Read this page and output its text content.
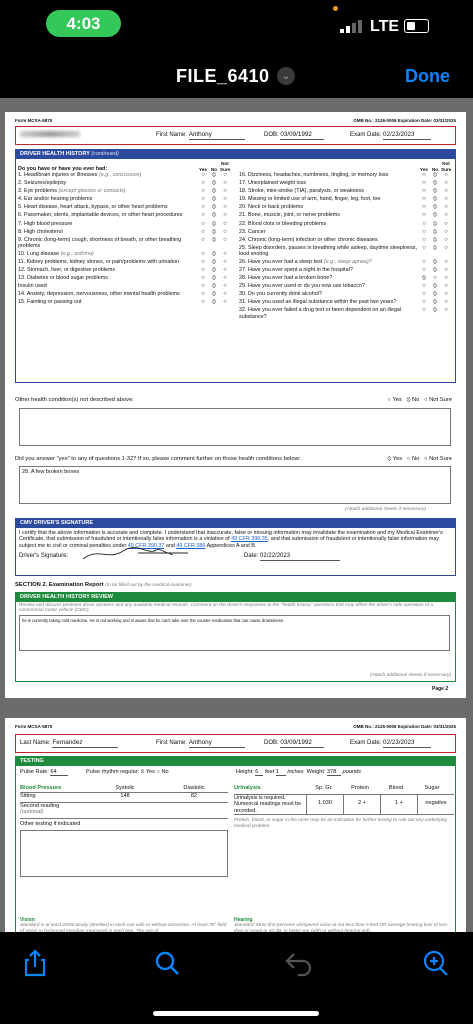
4:03	LTE
FILE_6410	⌄	Done
Form MCSA-5875	OMB No.: 2126-0006 Expiration Date: 03/31/2025
First Name: Anthony	DOB: 03/09/1992	Exam Date: 02/23/2023
DRIVER HEALTH HISTORY (continued)
Do you have or have you ever had:	Yes No
Not Sure
1. Head/brain injuries or illnesses (e.g., concussion)	○	⦸	○
2. Seizures/epilepsy	○	⦸	○
3. Eye problems (except glasses or contacts)	○	⦸	○
4. Ear and/or hearing problems	○	⦸	○
5. Heart disease, heart attack, bypass, or other heart problems	○	⦸	○
6. Pacemaker, stents, implantable devices, or other heart procedures	○	⦸	○
7. High blood pressure	○	⦸	○
8. High cholesterol	○	⦸	○
9. Chronic (long-term) cough, shortness of breath, or other breathing problems
○	⦸	○
10. Lung disease (e.g., asthma)	○	⦸	○
11. Kidney problems, kidney stones, or pain/problems with urination	○	⦸	○
12. Stomach, liver, or digestive problems	○	⦸	○
13. Diabetes or blood sugar problems	○	⦸	○
Insulin used	○	⦸	○
14. Anxiety, depression, nervousness, other mental health problems	○	⦸	○
15. Fainting or passing out	○	⦸	○
Yes No
Not Sure
16. Dizziness, headaches, numbness, tingling, or memory loss	○	⦸	○
17. Unexplained weight loss	○	⦸	○
18. Stroke, mini-stroke (TIA), paralysis, or weakness	○	⦸	○
19. Missing or limited use of arm, hand, finger, leg, foot, toe	○	⦸	○
20. Neck or back problems	○	⦸	○
21. Bone, muscle, joint, or nerve problems	○	⦸	○
22. Blood clots or bleeding problems	○	⦸	○
23. Cancer	○	⦸	○
24. Chronic (long-term) infection or other chronic diseases	○	⦸	○
25. Sleep disorders, pauses in breathing while asleep, daytime sleepiness, loud snoring
○	⦸	○
26. Have you ever had a sleep test (e.g., sleep apnea)?	○	⦸	○
27. Have you ever spent a night in the hospital?	○	⦸	○
28. Have you ever had a broken bone?	⦸	○	○
29. Have you ever used or do you now use tobacco?	○	⦸	○
30. Do you currently drink alcohol?	○	⦸	○
31. Have you used an illegal substance within the past two years?	○	⦸	○
32. Have you ever failed a drug test or been dependent on an illegal substance?
○	⦸	○
Other health condition(s) not described above:	○ Yes ⦸ No ○ Not Sure
Did you answer "yes" to any of questions 1-32? If so, please comment further on those health conditions below:	⦸ Yes ○ No ○ Not Sure
28. A few broken bones
(Attach additional sheets if necessary)
CMV DRIVER'S SIGNATURE
I certify that the above information is accurate and complete. I understand that inaccurate, false or missing information may invalidate the examination and my Medical Examiner's Certificate, that submission of fraudulent or intentionally false information is a violation of 49 CFR 390.35, and that submission of fraudulent or intentionally false information may subject me to civil or criminal penalties under 49 CFR 390.37 and 49 CFR 386 Appendices A and B.
Driver's Signature:	Date: 02/22/2023
SECTION 2. Examination Report (to be filled out by the medical examiner)
DRIVER HEALTH HISTORY REVIEW
Review and discuss pertinent driver answers and any available medical records. Comment on the driver's responses to the "health history" questions that may affect the driver's safe operation of a commercial motor vehicle (CMV).
he is currently taking cold medicine. He is not working and is aware that he can't take over the counter medication that can cause drowsiness.
(Attach additional sheets if necessary)
Page 2
Form MCSA-5875	OMB No.: 2126-0006 Expiration Date: 03/31/2025
Last Name: Fernandez	First Name: Anthony	DOB: 03/09/1992	Exam Date: 02/23/2023
TESTING
Pulse Rate: 64	Pulse rhythm regular: ⦸ Yes ○ No	Height: 6 feet 1 inches Weight: 378 pounds
Blood Pressure	Systolic	Diastolic
Sitting	148	82
Second reading
(optional)
Other testing if indicated
Urinalysis	Sp. Gr.	Protein	Blood	Sugar
Urinalysis is required. Numerical readings must be recorded.
1.030	2 +	1 +	negative
Protein, blood, or sugar in the urine may be an indication for further testing to rule out any underlying medical problem.
Vision
Standard is at least 20/40 acuity (Snellen) in each eye with or without correction. At least 70° field of vision in horizontal meridian measured in each eye. The use of
Hearing
Standard: Must first perceive whispered voice at not less than 5 feet OR average hearing loss of less than or equal to 40 dB, in better ear (with or without hearing aid).
